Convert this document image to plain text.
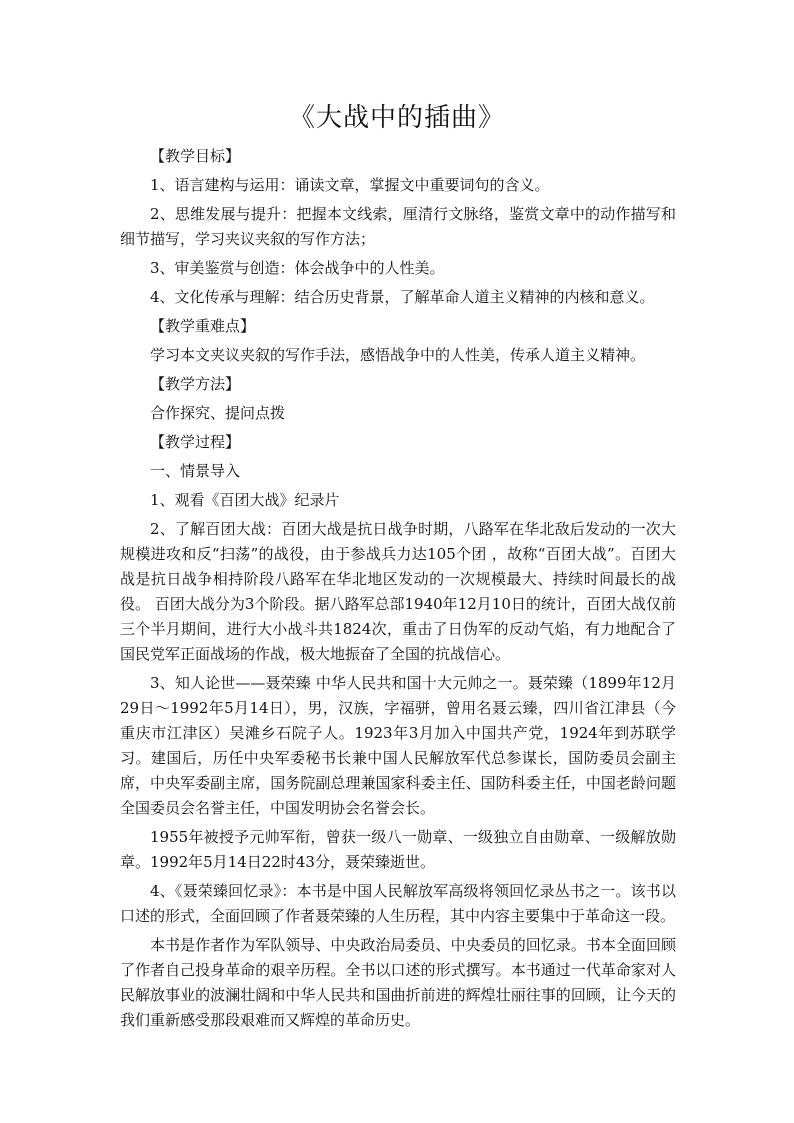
《大战中的插曲》

【教学目标】

1、语言建构与运用：诵读文章，掌握文中重要词句的含义。

2、思维发展与提升：把握本文线索，厘清行文脉络，鉴赏文章中的动作描写和细节描写，学习夹议夹叙的写作方法；

3、审美鉴赏与创造：体会战争中的人性美。

4、文化传承与理解：结合历史背景，了解革命人道主义精神的内核和意义。

【教学重难点】

学习本文夹议夹叙的写作手法，感悟战争中的人性美，传承人道主义精神。

【教学方法】

合作探究、提问点拨

【教学过程】

一、情景导入

1、观看《百团大战》纪录片

2、了解百团大战：百团大战是抗日战争时期，八路军在华北敌后发动的一次大规模进攻和反“扫荡”的战役，由于参战兵力达105个团 ，故称“百团大战”。百团大战是抗日战争相持阶段八路军在华北地区发动的一次规模最大、持续时间最长的战役。 百团大战分为3个阶段。据八路军总部1940年12月10日的统计，百团大战仅前三个半月期间，进行大小战斗共1824次，重击了日伪军的反动气焰，有力地配合了国民党军正面战场的作战，极大地振奋了全国的抗战信心。

3、知人论世——聂荣臻 中华人民共和国十大元帅之一。聂荣臻（1899年12月29日～1992年5月14日），男，汉族，字福骈，曾用名聂云臻，四川省江津县（今重庆市江津区）吴滩乡石院子人。1923年3月加入中国共产党，1924年到苏联学习。建国后，历任中央军委秘书长兼中国人民解放军代总参谋长，国防委员会副主席，中央军委副主席，国务院副总理兼国家科委主任、国防科委主任，中国老龄问题全国委员会名誉主任，中国发明协会名誉会长。

1955年被授予元帅军衔，曾获一级八一勋章、一级独立自由勋章、一级解放勋章。1992年5月14日22时43分，聂荣臻逝世。

4、《聂荣臻回忆录》：本书是中国人民解放军高级将领回忆录丛书之一。该书以口述的形式，全面回顾了作者聂荣臻的人生历程，其中内容主要集中于革命这一段。

本书是作者作为军队领导、中央政治局委员、中央委员的回忆录。书本全面回顾了作者自己投身革命的艰辛历程。全书以口述的形式撰写。本书通过一代革命家对人民解放事业的波澜壮阔和中华人民共和国曲折前进的辉煌壮丽往事的回顾，让今天的我们重新感受那段艰难而又辉煌的革命历史。
